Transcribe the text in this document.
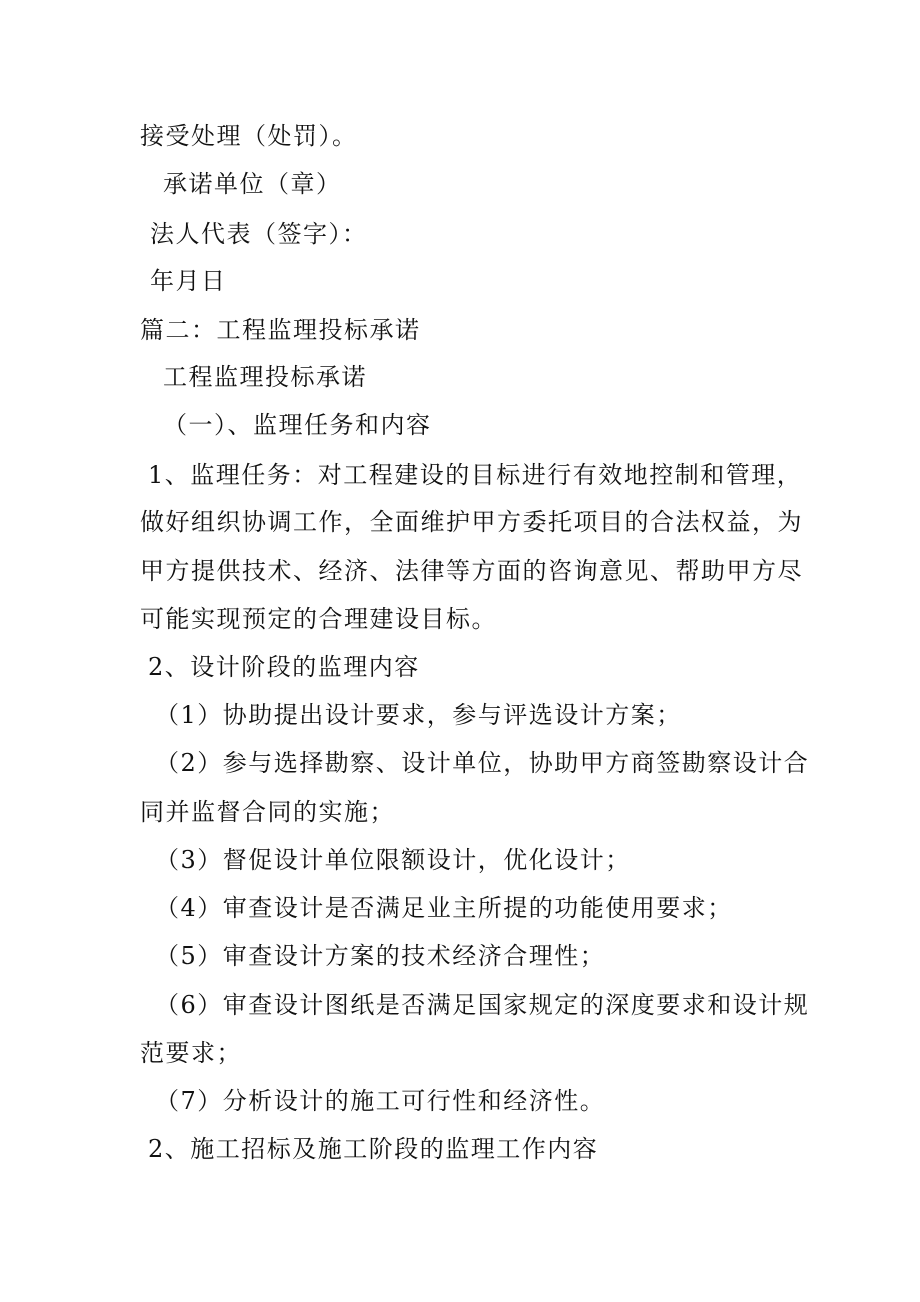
接受处理（处罚）。
承诺单位（章）
法人代表（签字）：
年月日
篇二：工程监理投标承诺
工程监理投标承诺
（一）、监理任务和内容
1、监理任务：对工程建设的目标进行有效地控制和管理，
做好组织协调工作，全面维护甲方委托项目的合法权益，为
甲方提供技术、经济、法律等方面的咨询意见、帮助甲方尽
可能实现预定的合理建设目标。
2、设计阶段的监理内容
（1）协助提出设计要求，参与评选设计方案；
（2）参与选择勘察、设计单位，协助甲方商签勘察设计合
同并监督合同的实施；
（3）督促设计单位限额设计，优化设计；
（4）审查设计是否满足业主所提的功能使用要求；
（5）审查设计方案的技术经济合理性；
（6）审查设计图纸是否满足国家规定的深度要求和设计规
范要求；
（7）分析设计的施工可行性和经济性。
2、施工招标及施工阶段的监理工作内容
